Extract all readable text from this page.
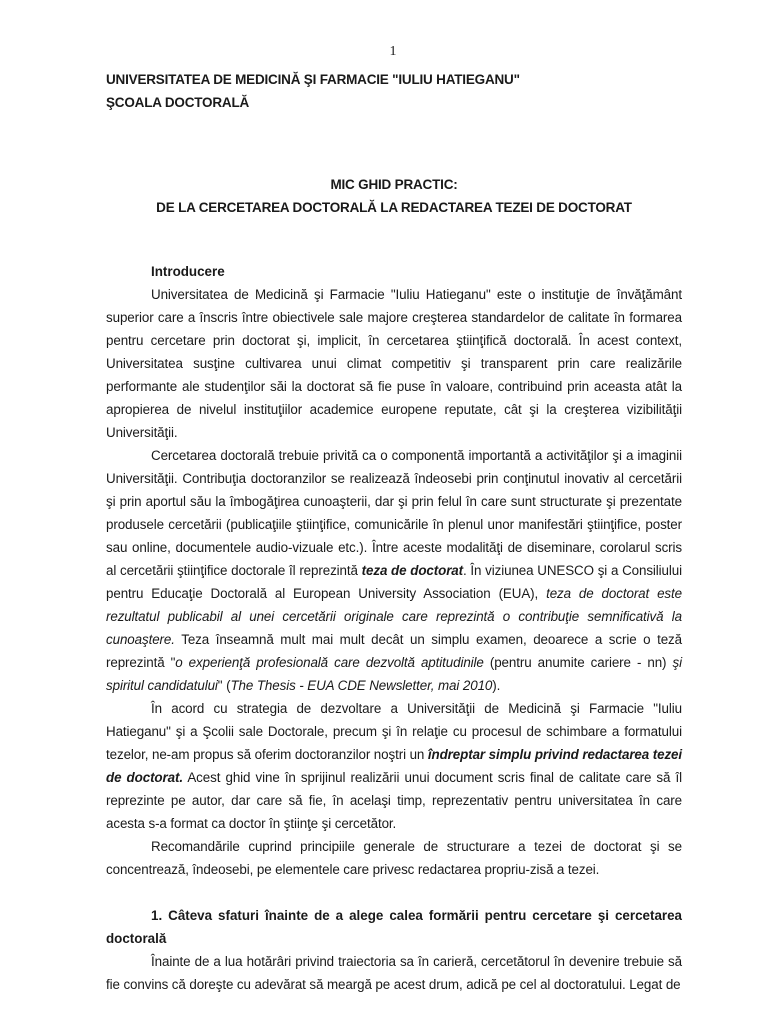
1
UNIVERSITATEA DE MEDICINĂ ŞI FARMACIE "IULIU HATIEGANU"
ŞCOALA DOCTORALĂ
MIC GHID PRACTIC:
DE LA CERCETAREA DOCTORALĂ LA REDACTAREA TEZEI DE DOCTORAT
Introducere

Universitatea de Medicină şi Farmacie "Iuliu Hatieganu" este o instituţie de învăţământ superior care a înscris între obiectivele sale majore creşterea standardelor de calitate în formarea pentru cercetare prin doctorat şi, implicit, în cercetarea ştiinţifică doctorală. În acest context, Universitatea susţine cultivarea unui climat competitiv şi transparent prin care realizările performante ale studenţilor săi la doctorat să fie puse în valoare, contribuind prin aceasta atât la apropierea de nivelul instituţiilor academice europene reputate, cât şi la creşterea vizibilităţii Universităţii.

Cercetarea doctorală trebuie privită ca o componentă importantă a activităţilor şi a imaginii Universităţii. Contribuţia doctoranzilor se realizează îndeosebi prin conţinutul inovativ al cercetării şi prin aportul său la îmbogăţirea cunoaşterii, dar şi prin felul în care sunt structurate şi prezentate produsele cercetării (publicaţiile ştiinţifice, comunicările în plenul unor manifestări ştiinţifice, poster sau online, documentele audio-vizuale etc.). Între aceste modalităţi de diseminare, corolarul scris al cercetării ştiinţifice doctorale îl reprezintă teza de doctorat. În viziunea UNESCO şi a Consiliului pentru Educaţie Doctorală al European University Association (EUA), teza de doctorat este rezultatul publicabil al unei cercetării originale care reprezintă o contribuţie semnificativă la cunoaştere. Teza înseamnă mult mai mult decât un simplu examen, deoarece a scrie o teză reprezintă "o experienţă profesională care dezvoltă aptitudinile (pentru anumite cariere - nn) şi spiritul candidatului" (The Thesis - EUA CDE Newsletter, mai 2010).

În acord cu strategia de dezvoltare a Universităţii de Medicină şi Farmacie "Iuliu Hatieganu" şi a Şcolii sale Doctorale, precum şi în relaţie cu procesul de schimbare a formatului tezelor, ne-am propus să oferim doctoranzilor noştri un îndreptar simplu privind redactarea tezei de doctorat. Acest ghid vine în sprijinul realizării unui document scris final de calitate care să îl reprezinte pe autor, dar care să fie, în acelaşi timp, reprezentativ pentru universitatea în care acesta s-a format ca doctor în ştiinţe şi cercetător.

Recomandările cuprind principiile generale de structurare a tezei de doctorat şi se concentrează, îndeosebi, pe elementele care privesc redactarea propriu-zisă a tezei.

1. Câteva sfaturi înainte de a alege calea formării pentru cercetare şi cercetarea doctorală

Înainte de a lua hotărâri privind traiectoria sa în carieră, cercetătorul în devenire trebuie să fie convins că doreşte cu adevărat să meargă pe acest drum, adică pe cel al doctoratului. Legat de
